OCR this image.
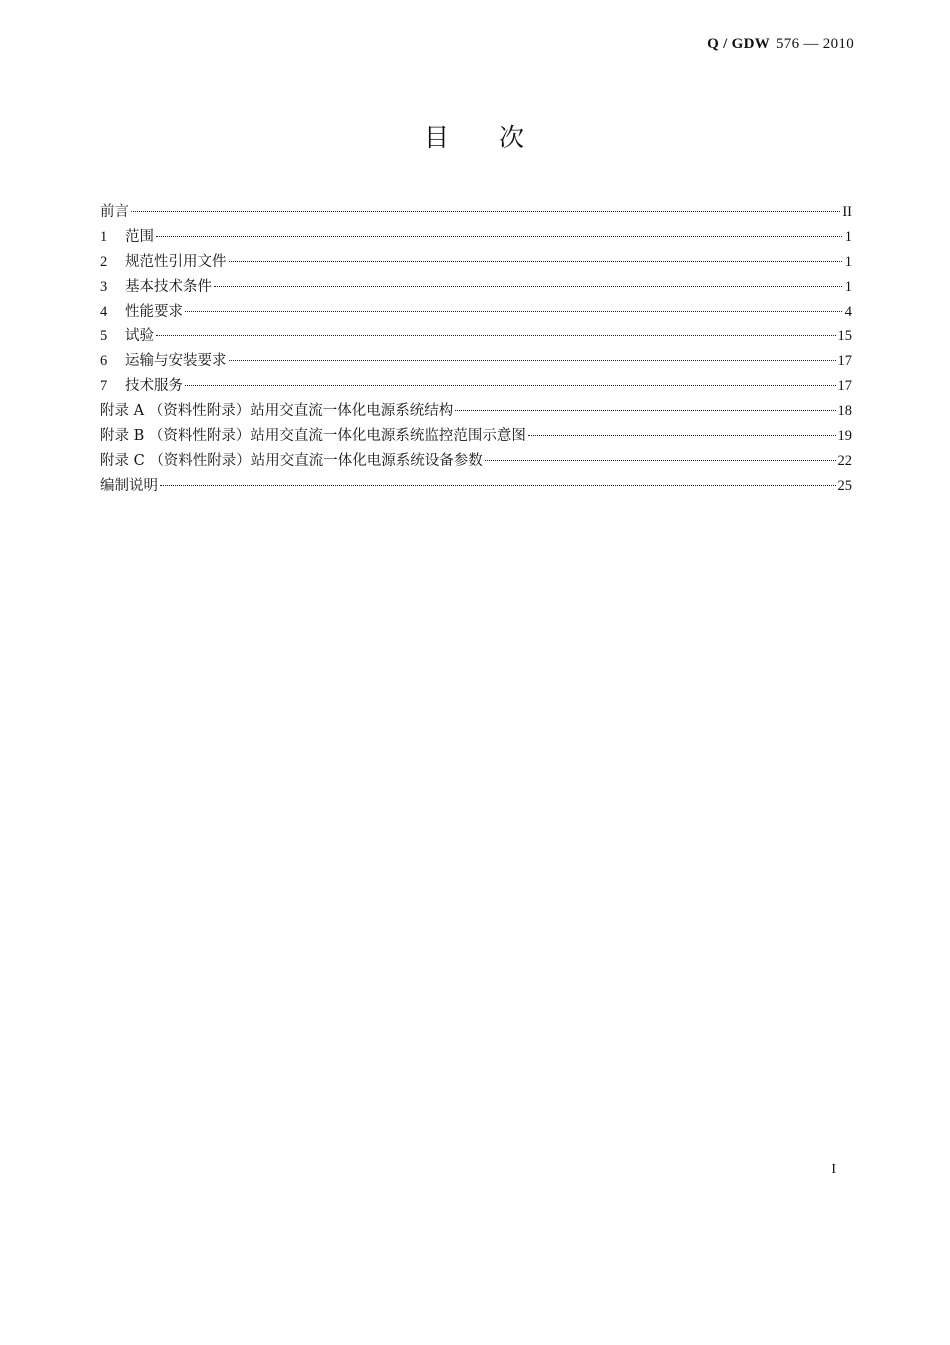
Q / GDW 576 — 2010
目 次
前言	II
1	范围	1
2	规范性引用文件	1
3	基本技术条件	1
4	性能要求	4
5	试验	15
6	运输与安装要求	17
7	技术服务	17
附录 A （资料性附录）站用交直流一体化电源系统结构	18
附录 B （资料性附录）站用交直流一体化电源系统监控范围示意图	19
附录 C （资料性附录）站用交直流一体化电源系统设备参数	22
编制说明	25
I
